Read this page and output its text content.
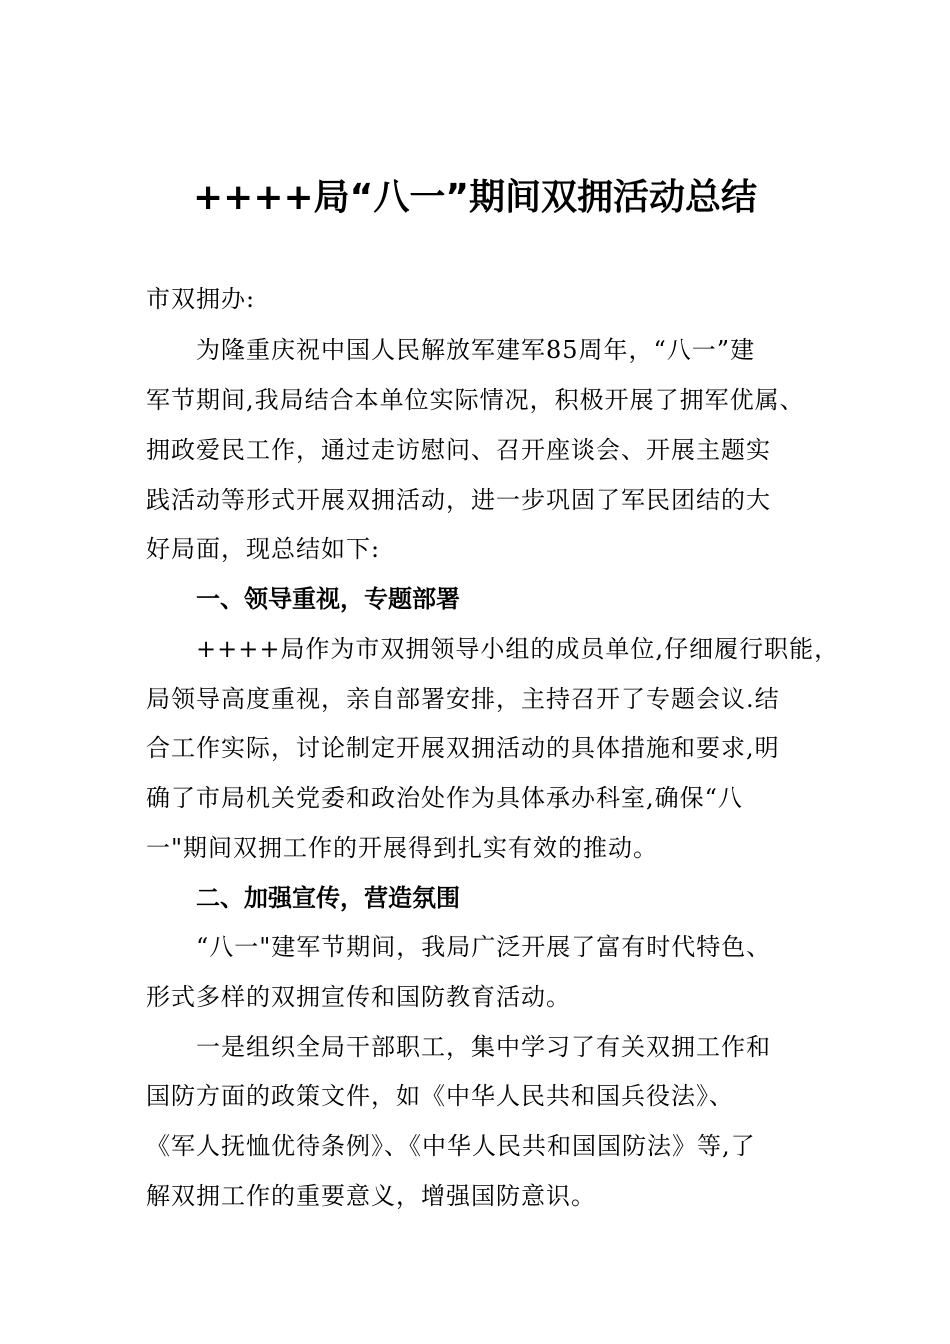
++++局“八一”期间双拥活动总结
市双拥办:
为隆重庆祝中国人民解放军建军85周年，“八一”建
军节期间,我局结合本单位实际情况，积极开展了拥军优属、
拥政爱民工作，通过走访慰问、召开座谈会、开展主题实
践活动等形式开展双拥活动，进一步巩固了军民团结的大
好局面，现总结如下:
一、领导重视，专题部署
++++局作为市双拥领导小组的成员单位,仔细履行职能，
局领导高度重视，亲自部署安排，主持召开了专题会议.结
合工作实际，讨论制定开展双拥活动的具体措施和要求,明
确了市局机关党委和政治处作为具体承办科室,确保“八
一"期间双拥工作的开展得到扎实有效的推动。
二、加强宣传，营造氛围
“八一"建军节期间，我局广泛开展了富有时代特色、
形式多样的双拥宣传和国防教育活动。
一是组织全局干部职工，集中学习了有关双拥工作和
国防方面的政策文件，如《中华人民共和国兵役法》、
《军人抚恤优待条例》、《中华人民共和国国防法》等,了
解双拥工作的重要意义，增强国防意识。
